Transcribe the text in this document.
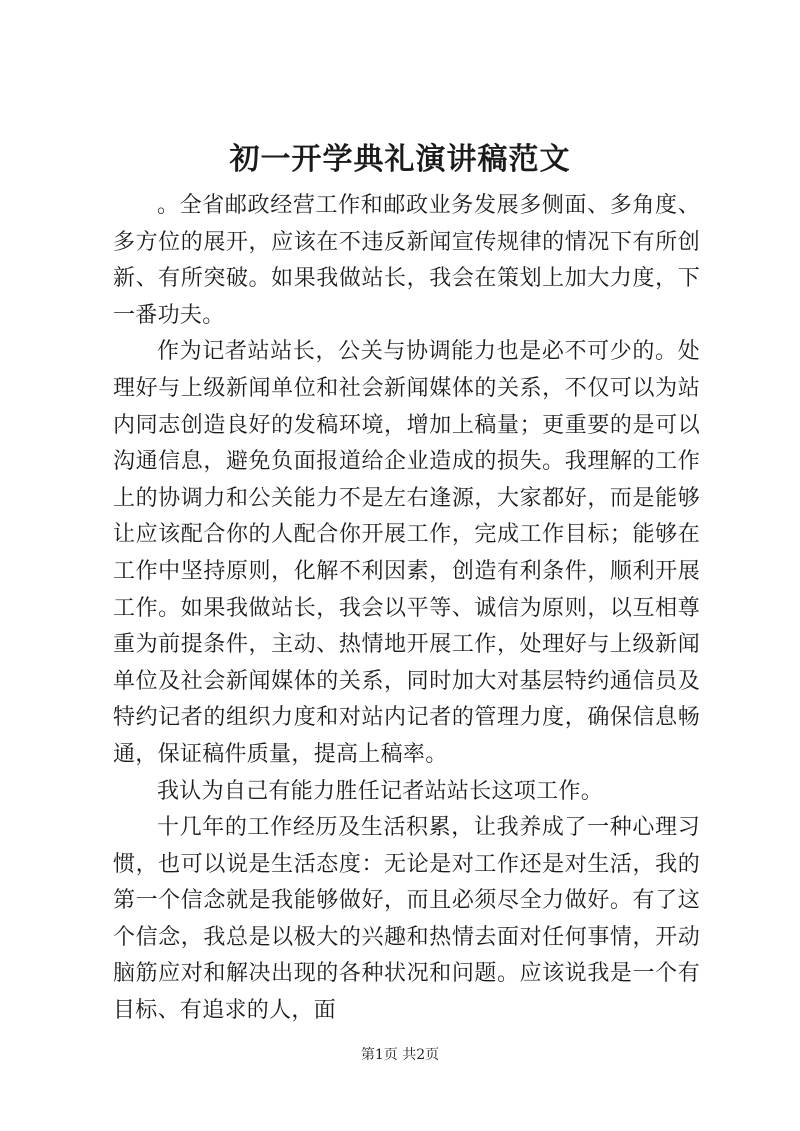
初一开学典礼演讲稿范文

。全省邮政经营工作和邮政业务发展多侧面、多角度、多方位的展开，应该在不违反新闻宣传规律的情况下有所创新、有所突破。如果我做站长，我会在策划上加大力度，下一番功夫。

作为记者站站长，公关与协调能力也是必不可少的。处理好与上级新闻单位和社会新闻媒体的关系，不仅可以为站内同志创造良好的发稿环境，增加上稿量；更重要的是可以沟通信息，避免负面报道给企业造成的损失。我理解的工作上的协调力和公关能力不是左右逢源，大家都好，而是能够让应该配合你的人配合你开展工作，完成工作目标；能够在工作中坚持原则，化解不利因素，创造有利条件，顺利开展工作。如果我做站长，我会以平等、诚信为原则，以互相尊重为前提条件，主动、热情地开展工作，处理好与上级新闻单位及社会新闻媒体的关系，同时加大对基层特约通信员及特约记者的组织力度和对站内记者的管理力度，确保信息畅通，保证稿件质量，提高上稿率。

我认为自己有能力胜任记者站站长这项工作。

十几年的工作经历及生活积累，让我养成了一种心理习惯，也可以说是生活态度：无论是对工作还是对生活，我的第一个信念就是我能够做好，而且必须尽全力做好。有了这个信念，我总是以极大的兴趣和热情去面对任何事情，开动脑筋应对和解决出现的各种状况和问题。应该说我是一个有目标、有追求的人，面

第1页 共2页
